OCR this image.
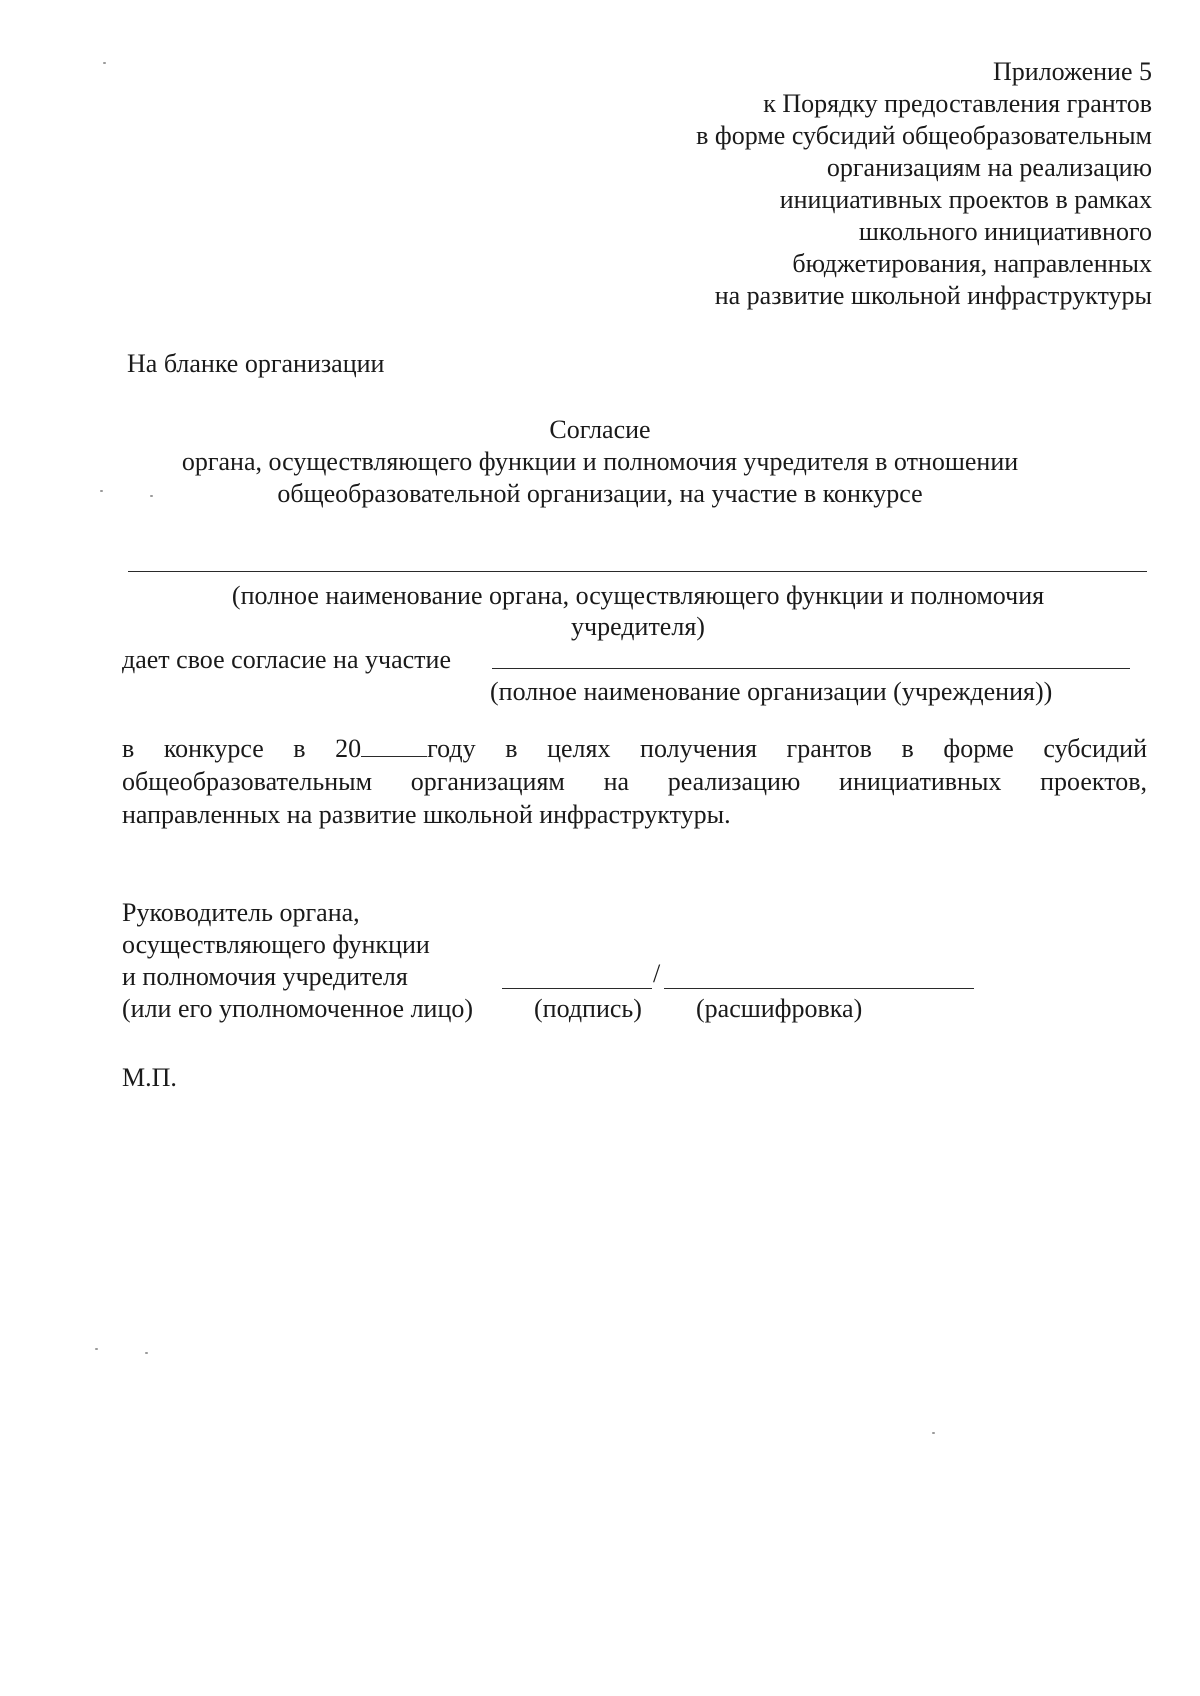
Приложение 5
к Порядку предоставления грантов
в форме субсидий общеобразовательным
организациям на реализацию
инициативных проектов в рамках
школьного инициативного
бюджетирования, направленных
на развитие школьной инфраструктуры
На бланке организации
Согласие
органа, осуществляющего функции и полномочия учредителя в отношении
общеобразовательной организации, на участие в конкурсе
(полное наименование органа, осуществляющего функции и полномочия
учредителя)
дает свое согласие на участие
(полное наименование организации (учреждения))
в конкурсе в 20	году в целях получения грантов в форме субсидий
общеобразовательным организациям на реализацию инициативных проектов,
направленных на развитие школьной инфраструктуры.
Руководитель органа,
осуществляющего функции
и полномочия учредителя
(или его уполномоченное лицо)
/
(подпись) (расшифровка)
М.П.
